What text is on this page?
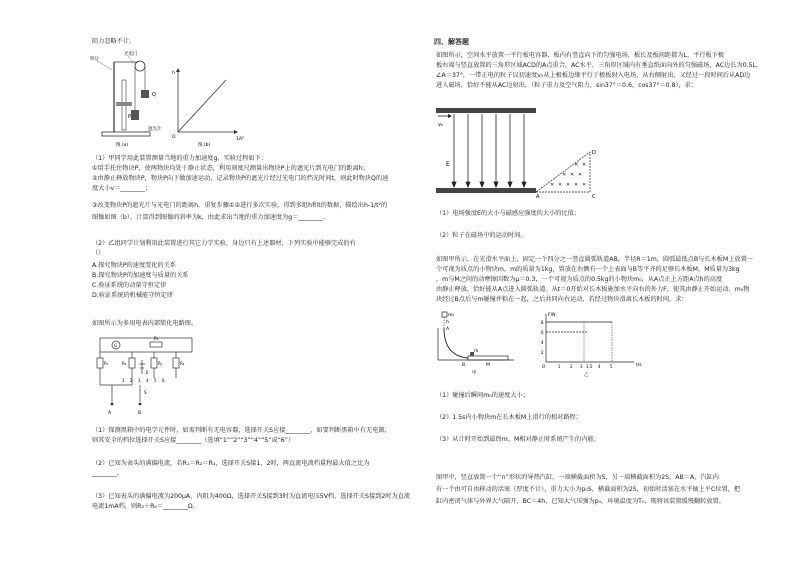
阻力忽略不计。
铁片
光电门
P
Q
遮光片
图 (a)
O
h
1/t²
图 (b)
（1）甲同学用此装置测量当地的重力加速度g，实验过程如下：
①用手托住物块P，使两物块均处于静止状态，利用刻度尺测量出物块P上的遮光片到光电门的距离h；
②由静止释放物块P，物块P向下做加速运动，记录物块P的遮光片经过光电门的挡光时间t，则此时物块Q的速
度大小v＝________；
③改变物块P的遮光片与光电门的距离h，重复步骤①②进行多次实验，得到多组h和t的数据，描绘出h-1/t²的
图像如图（b），计算得到图像的斜率为k，由此求出当地的重力加速度为g＝________。
（2）乙组同学计划利用此装置进行其它力学实验，身边只有上述器材，下列实验中能够完成的有
（）
A.探究物块P的速度变化的关系
B.探究物块P的加速度与质量的关系
C.验证系统的动量守恒定律
D.验证系统的机械能守恒定律
如图所示为多用电表内部简化电路图。
G
R₅
R₁	R₂	R₃	R₄
E
1 2 3 4 5 6
S
A	B
（1）探测黑箱中的电学元件时，如需判断有无电容器，选择开关S应接________，如要判断黑箱中有无电源，
则其安全的档位选择开关S应接________（选填“1”“2”“3”“4”“5”或“6”）
（2）已知为表头的满偏电流，若R₁＝R₂＝R₃，选择开关S接1、2时，两直流电流档量程最大值之比为
________。
（3）已知表头的满偏电流为200μA，内阻为400Ω，选择开关S接到3时为直流电压5V档，选择开关S接到2时为直流
电流1mA档，则R₃＋R₄＝________Ω。
四、解答题
如图所示，空间水平放置一平行板电容器，板内有竖直向下的匀强电场，板长及板间距都为L，平行板下极
板右端与竖直放置的三角形区域ACD的A点重合，AC水平，三角形区域内有垂直纸面向外的匀强磁场，AC边长为0.5L，
∠A＝37°，一带正电的粒子以初速度v₀从上极板边缘平行于极板射入电场，从右侧射出，又经过一段时间后从AD边
进入磁场，恰好不能从AC边射出，（粒子重力及空气阻力，sin37°＝0.6，cos37°＝0.8），求：
✕ ✕
✕ ✕ ✕
✕ ✕ ✕ ✕ ✕
v₀
E
A	C
D
（1）电场强度E的大小与磁感应强度的大小的比值；
（2）粒子在磁场中的运动时间。
如图甲所示，在光滑水平面上，固定一个四分之一竖直圆弧轨道AB，半径R＝1m，圆弧最低点B与长木板M上放置一
个可视为质点的小物块m，m的质量为1kg，置放在右侧有一个上表面与B等平齐的足够长木板M，M质量为3kg
，m与M之间的动摩擦因数为μ＝0.3，一个可视为质点的0.5kg的小物块m₀，从A点正上方距A点h的高度
由静止释放，恰好能从A点进入圆弧轨道。从t＝0开始对长木板施加水平向右的外力F，使其由静止开始运动，m₀物
块经过B点后与m碰撞并粘在一起，之后共同向右运动，若经过物块滑离长木板的时间，求：
m₀
A
h
B
m
M
甲
F/N
t/s
8
6
4
2
O	1 2 3 3.5 4 5
乙
（1）碰撞后瞬间m₀的速度大小；
（2）1.5s内小物块m在长木板M上滑行的相对路程；
（3）从计时开始到最终m、M相对静止时系统产生的内能。
图甲中，竖直放置一个“∩”形状的导热汽缸，一端横截面积为S，另一端横截面积为2S，AB＝A，汽缸内
有一个由可自由移动的活塞（厚度不计），重力大小为p₀S，横截面积为2S，初始时活塞在水平轴上平C位置，把
缸内密闭气体与外界大气隔开，BC＝4h，已知大气压强为p₀，环境温度为T₀，现将该装置缓慢翻转放置。
